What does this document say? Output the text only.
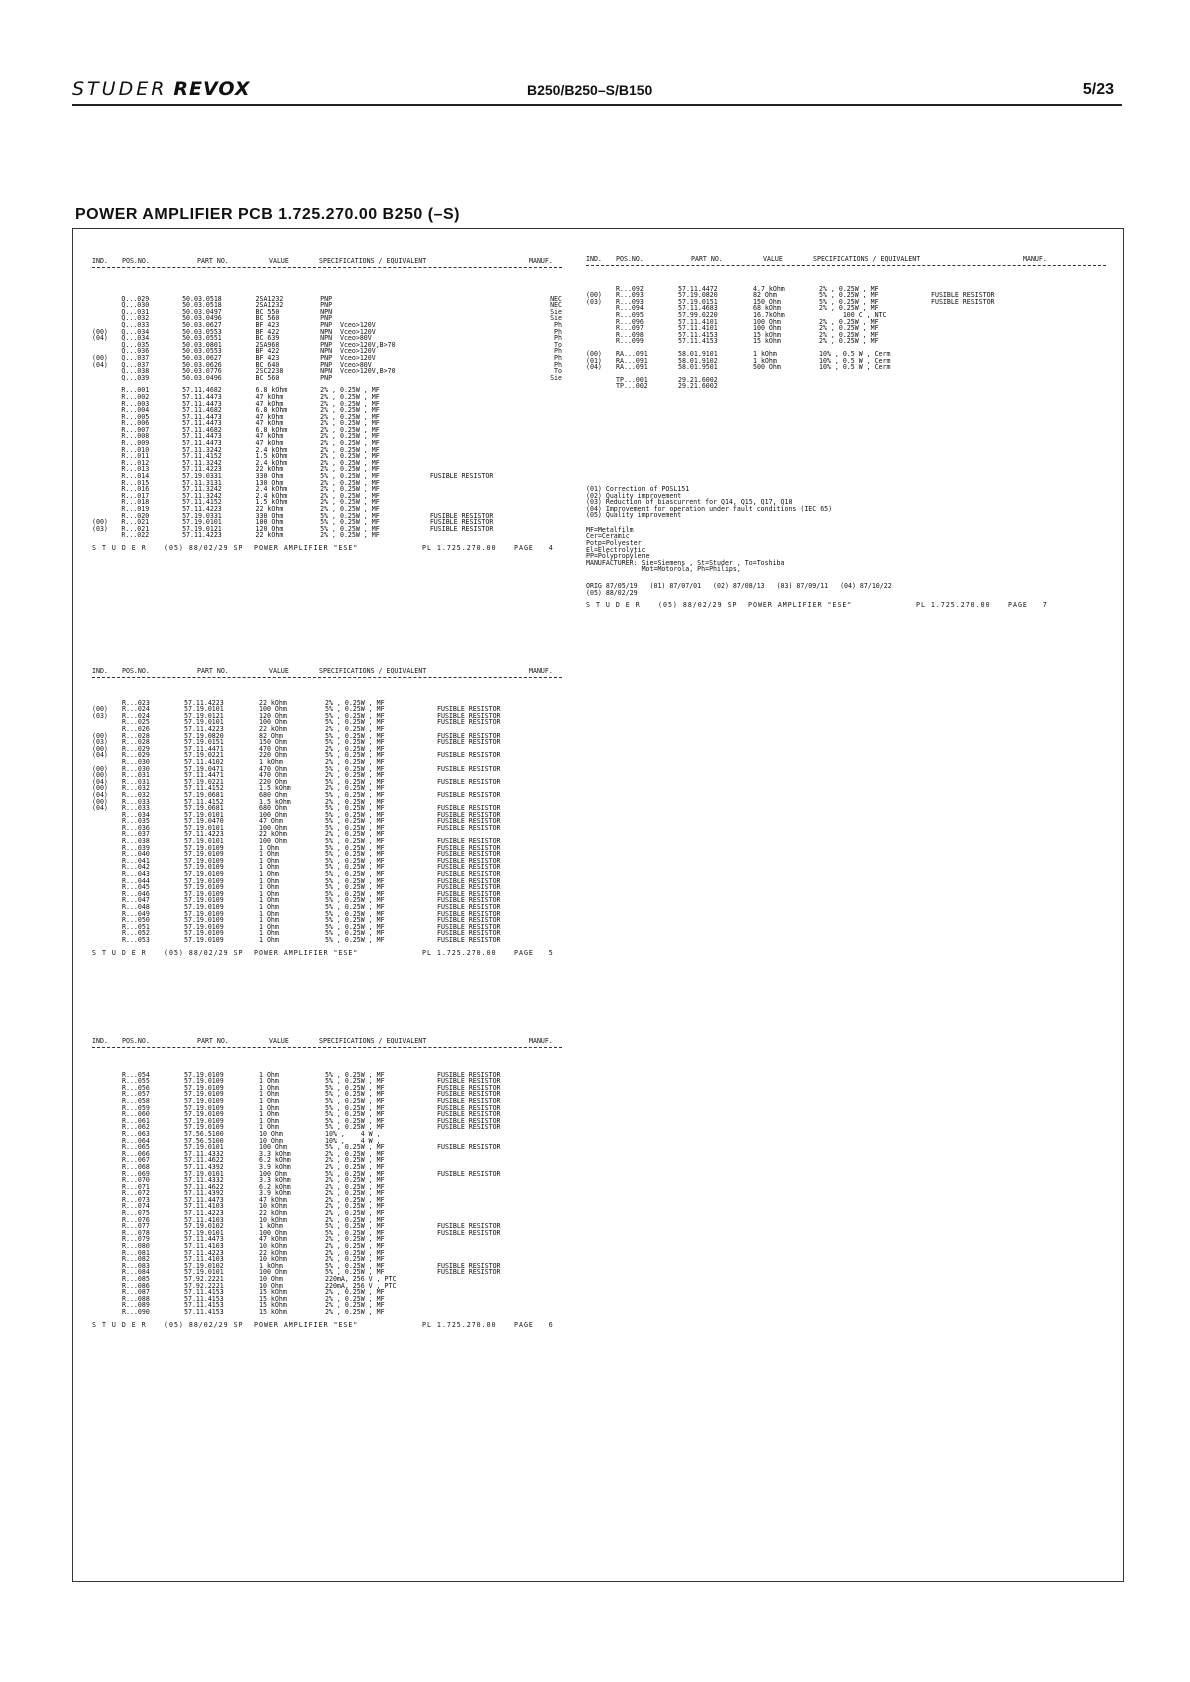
STUDER REVOX	B250/B250–S/B150	5/23
POWER AMPLIFIER PCB 1.725.270.00 B250 (–S)
IND.	POS.NO.	PART NO.	VALUE	SPECIFICATIONS / EQUIVALENT	MANUF.
Q...029	50.03.0518	2SA1232	PNP	NEC
Q...030	50.03.0518	2SA1232	PNP	NEC
Q...031	50.03.0497	BC 550	NPN	Sie
Q...032	50.03.0496	BC 560	PNP	Sie
Q...033	50.03.0627	BF 423	PNP  Vceo>120V	Ph
(00)	Q...034	50.03.0553	BF 422	NPN  Vceo>120V	Ph
(04)	Q...034	50.03.0551	BC 639	NPN  Vceo>80V	Ph
Q...035	50.03.0801	2SA968	PNP  Vceo>120V,B>70	To
Q...036	50.03.0553	BF 422	NPN  Vceo>120V	Ph
(00)	Q...037	50.03.0627	BF 423	PNP  Vceo>120V	Ph
(04)	Q...037	50.03.0626	BC 640	PNP  Vceo>80V	Ph
Q...038	50.03.0776	2SC2238	NPN  Vceo>120V,B>70	To
Q...039	50.03.0496	BC 560	PNP	Sie
R...001	57.11.4682	6.8 kOhm	2% , 0.25W , MF
R...002	57.11.4473	47 kOhm	2% , 0.25W , MF
R...003	57.11.4473	47 kOhm	2% , 0.25W , MF
R...004	57.11.4682	6.8 kOhm	2% , 0.25W , MF
R...005	57.11.4473	47 kOhm	2% , 0.25W , MF
R...006	57.11.4473	47 kOhm	2% , 0.25W , MF
R...007	57.11.4682	6.8 kOhm	2% , 0.25W , MF
R...008	57.11.4473	47 kOhm	2% , 0.25W , MF
R...009	57.11.4473	47 kOhm	2% , 0.25W , MF
R...010	57.11.3242	2.4 kOhm	2% , 0.25W , MF
R...011	57.11.4152	1.5 kOhm	2% , 0.25W , MF
R...012	57.11.3242	2.4 kOhm	2% , 0.25W , MF
R...013	57.11.4223	22 kOhm	2% , 0.25W , MF
R...014	57.19.0331	330 Ohm	5% , 0.25W , MF	FUSIBLE RESISTOR
R...015	57.11.3131	130 Ohm	2% , 0.25W , MF
R...016	57.11.3242	2.4 kOhm	2% , 0.25W , MF
R...017	57.11.3242	2.4 kOhm	2% , 0.25W , MF
R...018	57.11.4152	1.5 kOhm	2% , 0.25W , MF
R...019	57.11.4223	22 kOhm	2% , 0.25W , MF
R...020	57.19.0331	330 Ohm	5% , 0.25W , MF	FUSIBLE RESISTOR
(00)	R...021	57.19.0101	100 Ohm	5% , 0.25W , MF	FUSIBLE RESISTOR
(03)	R...021	57.19.0121	120 Ohm	5% , 0.25W , MF	FUSIBLE RESISTOR
R...022	57.11.4223	22 kOhm	2% , 0.25W , MF
S T U D E R	(05) 88/02/29 SP	POWER AMPLIFIER "ESE"	PL 1.725.270.00	PAGE   4
IND.	POS.NO.	PART NO.	VALUE	SPECIFICATIONS / EQUIVALENT	MANUF.
R...092	57.11.4472	4.7 kOhm	2% , 0.25W , MF
(00)	R...093	57.19.0820	82 Ohm	5% , 0.25W , MF	FUSIBLE RESISTOR
(03)	R...093	57.19.0151	150 Ohm	5% , 0.25W , MF	FUSIBLE RESISTOR
R...094	57.11.4683	68 kOhm	2% , 0.25W , MF
R...095	57.99.0220	16.7kOhm	100 C , NTC
R...096	57.11.4101	100 Ohm	2% , 0.25W , MF
R...097	57.11.4101	100 Ohm	2% , 0.25W , MF
R...098	57.11.4153	15 kOhm	2% , 0.25W , MF
R...099	57.11.4153	15 kOhm	2% , 0.25W , MF
(00)	RA...091	58.01.9101	1 kOhm	10% , 0.5 W , Cerm
(01)	RA...091	58.01.9102	1 kOhm	10% , 0.5 W , Cerm
(04)	RA...091	58.01.9501	500 Ohm	10% , 0.5 W , Cerm
TP...001	29.21.6002
TP...002	29.21.6002
(01) Correction of POSL151
(02) Quality improvement
(03) Reduction of biascurrent for Q14, Q15, Q17, Q18
(04) Improvement for operation under fault conditions (IEC 65)
(05) Quality improvement
MF=Metalfilm
Cer=Ceramic
Potp=Polyester
El=Electrolytic
PP=Polypropylene
MANUFACTURER: Sie=Siemens , St=Studer , To=Toshiba
Mot=Motorola, Ph=Philips,
ORIG 87/05/19   (01) 87/07/01   (02) 87/08/13   (03) 87/09/11   (04) 87/10/22
(05) 88/02/29
S T U D E R	(05) 88/02/29 SP	POWER AMPLIFIER "ESE"	PL 1.725.270.00	PAGE   7
IND.	POS.NO.	PART NO.	VALUE	SPECIFICATIONS / EQUIVALENT	MANUF.
R...023	57.11.4223	22 kOhm	2% , 0.25W , MF
(00)	R...024	57.19.0101	100 Ohm	5% , 0.25W , MF	FUSIBLE RESISTOR
(03)	R...024	57.19.0121	120 Ohm	5% , 0.25W , MF	FUSIBLE RESISTOR
R...025	57.19.0101	100 Ohm	5% , 0.25W , MF	FUSIBLE RESISTOR
R...026	57.11.4223	22 kOhm	2% , 0.25W , MF
(00)	R...028	57.19.0820	82 Ohm	5% , 0.25W , MF	FUSIBLE RESISTOR
(03)	R...028	57.19.0151	150 Ohm	5% , 0.25W , MF	FUSIBLE RESISTOR
(00)	R...029	57.11.4471	470 Ohm	2% , 0.25W , MF
(04)	R...029	57.19.0221	220 Ohm	5% , 0.25W , MF	FUSIBLE RESISTOR
R...030	57.11.4102	1 kOhm	2% , 0.25W , MF
(00)	R...030	57.19.0471	470 Ohm	5% , 0.25W , MF	FUSIBLE RESISTOR
(00)	R...031	57.11.4471	470 Ohm	2% , 0.25W , MF
(04)	R...031	57.19.0221	220 Ohm	5% , 0.25W , MF	FUSIBLE RESISTOR
(00)	R...032	57.11.4152	1.5 kOhm	2% , 0.25W , MF
(04)	R...032	57.19.0681	680 Ohm	5% , 0.25W , MF	FUSIBLE RESISTOR
(00)	R...033	57.11.4152	1.5 kOhm	2% , 0.25W , MF
(04)	R...033	57.19.0681	680 Ohm	5% , 0.25W , MF	FUSIBLE RESISTOR
R...034	57.19.0101	100 Ohm	5% , 0.25W , MF	FUSIBLE RESISTOR
R...035	57.19.0470	47 Ohm	5% , 0.25W , MF	FUSIBLE RESISTOR
R...036	57.19.0101	100 Ohm	5% , 0.25W , MF	FUSIBLE RESISTOR
R...037	57.11.4223	22 kOhm	2% , 0.25W , MF
R...038	57.19.0101	100 Ohm	5% , 0.25W , MF	FUSIBLE RESISTOR
R...039	57.19.0109	1 Ohm	5% , 0.25W , MF	FUSIBLE RESISTOR
R...040	57.19.0109	1 Ohm	5% , 0.25W , MF	FUSIBLE RESISTOR
R...041	57.19.0109	1 Ohm	5% , 0.25W , MF	FUSIBLE RESISTOR
R...042	57.19.0109	1 Ohm	5% , 0.25W , MF	FUSIBLE RESISTOR
R...043	57.19.0109	1 Ohm	5% , 0.25W , MF	FUSIBLE RESISTOR
R...044	57.19.0109	1 Ohm	5% , 0.25W , MF	FUSIBLE RESISTOR
R...045	57.19.0109	1 Ohm	5% , 0.25W , MF	FUSIBLE RESISTOR
R...046	57.19.0109	1 Ohm	5% , 0.25W , MF	FUSIBLE RESISTOR
R...047	57.19.0109	1 Ohm	5% , 0.25W , MF	FUSIBLE RESISTOR
R...048	57.19.0109	1 Ohm	5% , 0.25W , MF	FUSIBLE RESISTOR
R...049	57.19.0109	1 Ohm	5% , 0.25W , MF	FUSIBLE RESISTOR
R...050	57.19.0109	1 Ohm	5% , 0.25W , MF	FUSIBLE RESISTOR
R...051	57.19.0109	1 Ohm	5% , 0.25W , MF	FUSIBLE RESISTOR
R...052	57.19.0109	1 Ohm	5% , 0.25W , MF	FUSIBLE RESISTOR
R...053	57.19.0109	1 Ohm	5% , 0.25W , MF	FUSIBLE RESISTOR
S T U D E R	(05) 88/02/29 SP	POWER AMPLIFIER "ESE"	PL 1.725.270.00	PAGE   5
IND.	POS.NO.	PART NO.	VALUE	SPECIFICATIONS / EQUIVALENT	MANUF.
R...054	57.19.0109	1 Ohm	5% , 0.25W , MF	FUSIBLE RESISTOR
R...055	57.19.0109	1 Ohm	5% , 0.25W , MF	FUSIBLE RESISTOR
R...056	57.19.0109	1 Ohm	5% , 0.25W , MF	FUSIBLE RESISTOR
R...057	57.19.0109	1 Ohm	5% , 0.25W , MF	FUSIBLE RESISTOR
R...058	57.19.0109	1 Ohm	5% , 0.25W , MF	FUSIBLE RESISTOR
R...059	57.19.0109	1 Ohm	5% , 0.25W , MF	FUSIBLE RESISTOR
R...060	57.19.0109	1 Ohm	5% , 0.25W , MF	FUSIBLE RESISTOR
R...061	57.19.0109	1 Ohm	5% , 0.25W , MF	FUSIBLE RESISTOR
R...062	57.19.0109	1 Ohm	5% , 0.25W , MF	FUSIBLE RESISTOR
R...063	57.56.5100	10 Ohm	10% ,    4 W ,
R...064	57.56.5100	10 Ohm	10% ,    4 W ,
R...065	57.19.0101	100 Ohm	5% , 0.25W , MF	FUSIBLE RESISTOR
R...066	57.11.4332	3.3 kOhm	2% , 0.25W , MF
R...067	57.11.4622	6.2 kOhm	2% , 0.25W , MF
R...068	57.11.4392	3.9 kOhm	2% , 0.25W , MF
R...069	57.19.0101	100 Ohm	5% , 0.25W , MF	FUSIBLE RESISTOR
R...070	57.11.4332	3.3 kOhm	2% , 0.25W , MF
R...071	57.11.4622	6.2 kOhm	2% , 0.25W , MF
R...072	57.11.4392	3.9 kOhm	2% , 0.25W , MF
R...073	57.11.4473	47 kOhm	2% , 0.25W , MF
R...074	57.11.4103	10 kOhm	2% , 0.25W , MF
R...075	57.11.4223	22 kOhm	2% , 0.25W , MF
R...076	57.11.4103	10 kOhm	2% , 0.25W , MF
R...077	57.19.0102	1 kOhm	5% , 0.25W , MF	FUSIBLE RESISTOR
R...078	57.19.0101	100 Ohm	5% , 0.25W , MF	FUSIBLE RESISTOR
R...079	57.11.4473	47 kOhm	2% , 0.25W , MF
R...080	57.11.4103	10 kOhm	2% , 0.25W , MF
R...081	57.11.4223	22 kOhm	2% , 0.25W , MF
R...082	57.11.4103	10 kOhm	2% , 0.25W , MF
R...083	57.19.0102	1 kOhm	5% , 0.25W , MF	FUSIBLE RESISTOR
R...084	57.19.0101	100 Ohm	5% , 0.25W , MF	FUSIBLE RESISTOR
R...085	57.92.2221	10 Ohm	220mA, 256 V , PTC
R...086	57.92.2221	10 Ohm	220mA, 256 V , PTC
R...087	57.11.4153	15 kOhm	2% , 0.25W , MF
R...088	57.11.4153	15 kOhm	2% , 0.25W , MF
R...089	57.11.4153	15 kOhm	2% , 0.25W , MF
R...090	57.11.4153	15 kOhm	2% , 0.25W , MF
S T U D E R	(05) 88/02/29 SP	POWER AMPLIFIER "ESE"	PL 1.725.270.00	PAGE   6
